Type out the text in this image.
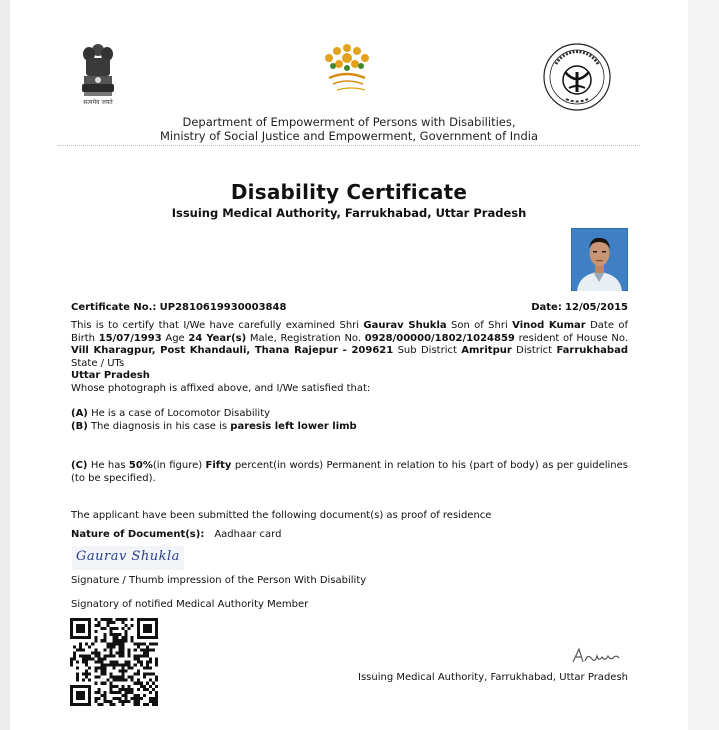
सत्यमेव जयते
Department of Empowerment of Persons with Disabilities,
Ministry of Social Justice and Empowerment, Government of India
Disability Certificate
Issuing Medical Authority, Farrukhabad, Uttar Pradesh
Certificate No.: UP2810619930003848	Date: 12/05/2015
This is to certify that I/We have carefully examined Shri Gaurav Shukla Son of Shri Vinod Kumar Date of Birth 15/07/1993 Age 24 Year(s) Male, Registration No. 0928/00000/1802/1024859 resident of House No. Vill Kharagpur, Post Khandauli, Thana Rajepur - 209621 Sub District Amritpur District Farrukhabad State / UTs
Uttar Pradesh
Whose photograph is affixed above, and I/We satisfied that:
(A) He is a case of Locomotor Disability
(B) The diagnosis in his case is paresis left lower limb
(C) He has 50%(in figure) Fifty percent(in words) Permanent in relation to his (part of body) as per guidelines (to be specified).
The applicant have been submitted the following document(s) as proof of residence
Nature of Document(s): Aadhaar card
Gaurav Shukla
Signature / Thumb impression of the Person With Disability
Signatory of notified Medical Authority Member
Issuing Medical Authority, Farrukhabad, Uttar Pradesh
